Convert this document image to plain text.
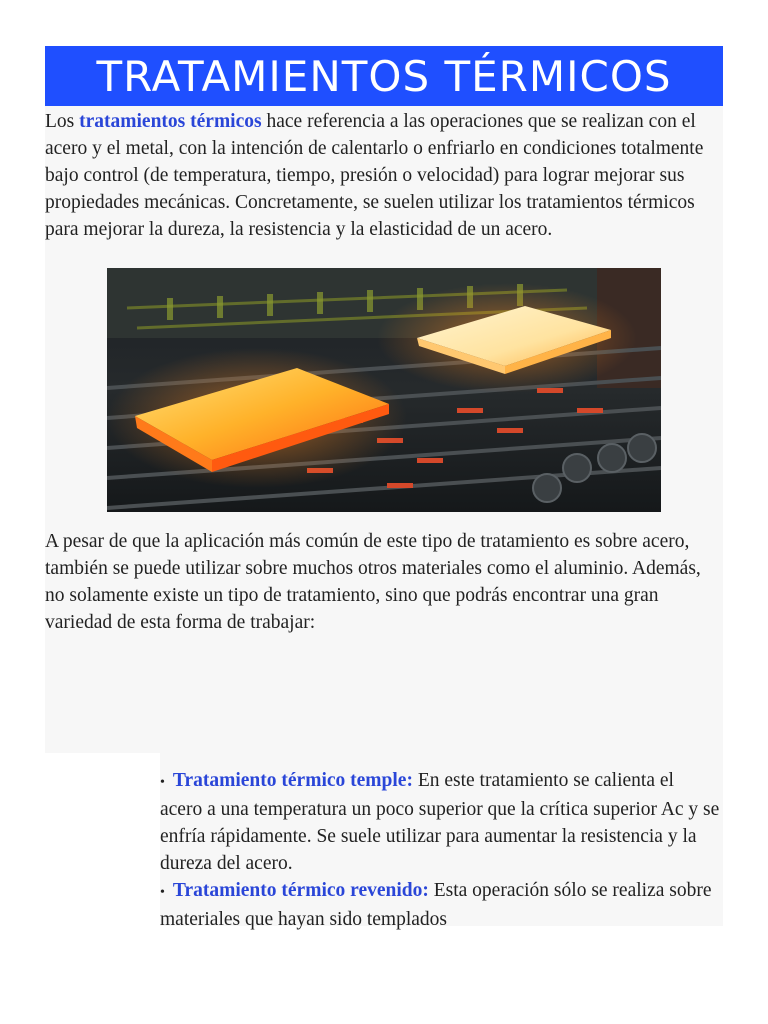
TRATAMIENTOS TÉRMICOS

Los tratamientos térmicos hace referencia a las operaciones que se realizan con el acero y el metal, con la intención de calentarlo o enfriarlo en condiciones totalmente bajo control (de temperatura, tiempo, presión o velocidad) para lograr mejorar sus propiedades mecánicas. Concretamente, se suelen utilizar los tratamientos térmicos para mejorar la dureza, la resistencia y la elasticidad de un acero.

A pesar de que la aplicación más común de este tipo de tratamiento es sobre acero, también se puede utilizar sobre muchos otros materiales como el aluminio. Además, no solamente existe un tipo de tratamiento, sino que podrás encontrar una gran variedad de esta forma de trabajar:

• Tratamiento térmico temple: En este tratamiento se calienta el acero a una temperatura un poco superior que la crítica superior Ac y se enfría rápidamente. Se suele utilizar para aumentar la resistencia y la dureza del acero.
• Tratamiento térmico revenido: Esta operación sólo se realiza sobre materiales que hayan sido templados
